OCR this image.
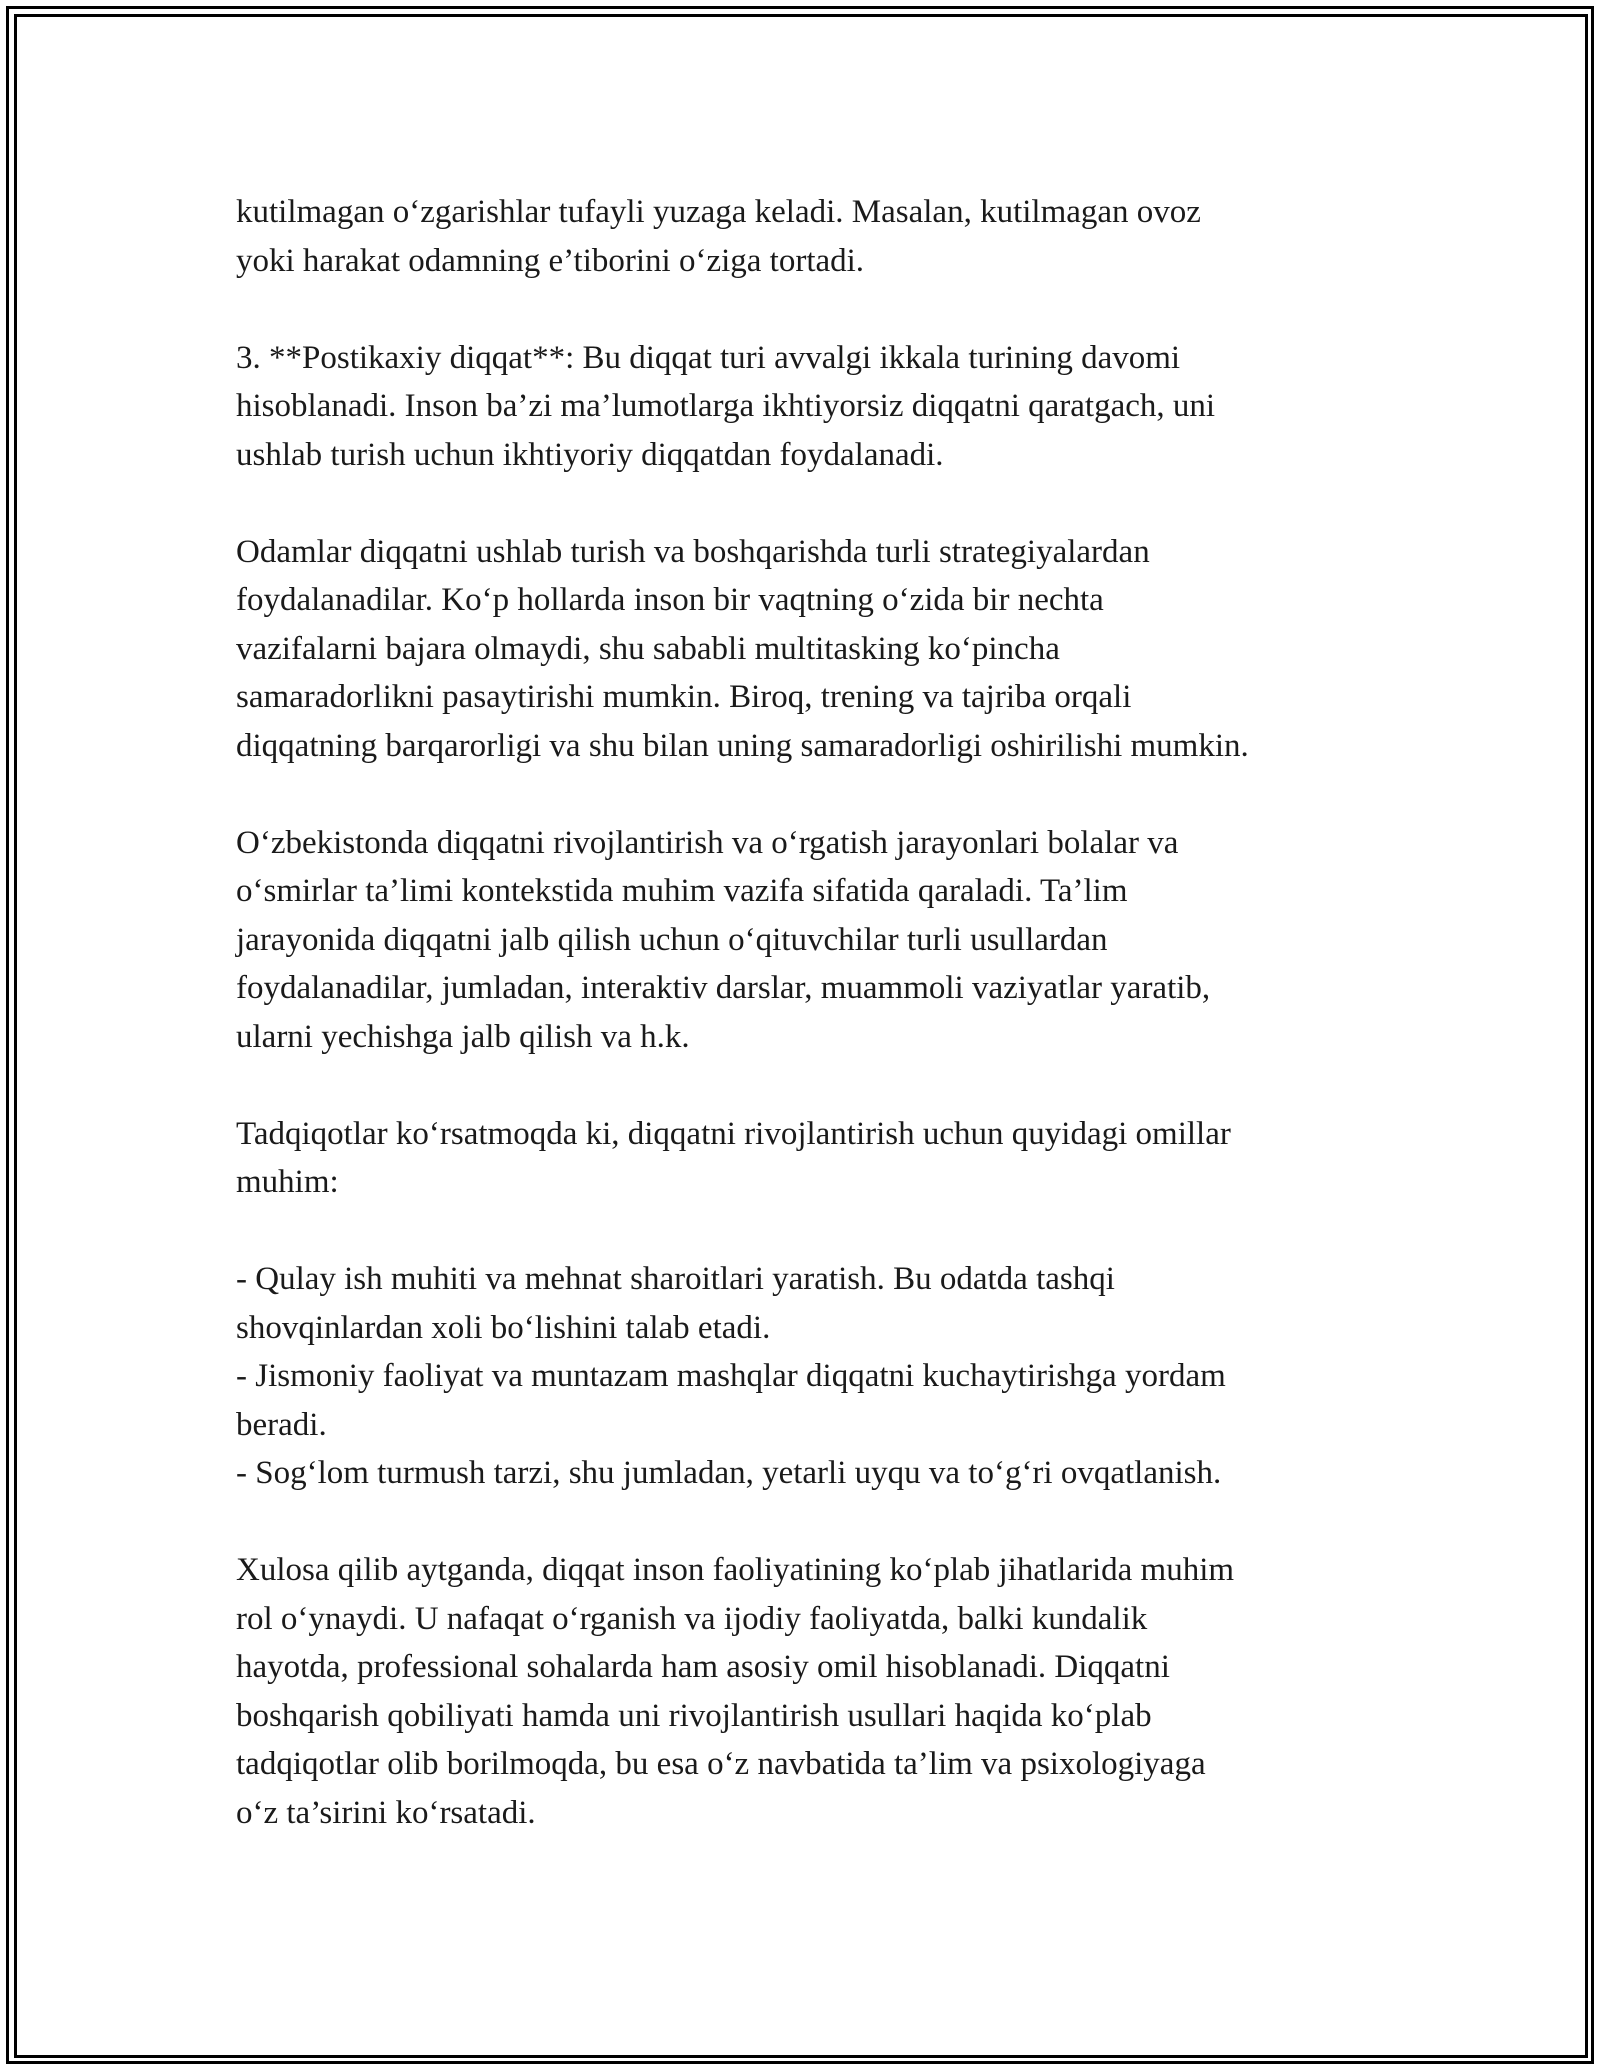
kutilmagan o‘zgarishlar tufayli yuzaga keladi. Masalan, kutilmagan ovoz
yoki harakat odamning e’tiborini o‘ziga tortadi.
3. **Postikaxiy diqqat**: Bu diqqat turi avvalgi ikkala turining davomi
hisoblanadi. Inson ba’zi ma’lumotlarga ikhtiyorsiz diqqatni qaratgach, uni
ushlab turish uchun ikhtiyoriy diqqatdan foydalanadi.
Odamlar diqqatni ushlab turish va boshqarishda turli strategiyalardan
foydalanadilar. Ko‘p hollarda inson bir vaqtning o‘zida bir nechta
vazifalarni bajara olmaydi, shu sababli multitasking ko‘pincha
samaradorlikni pasaytirishi mumkin. Biroq, trening va tajriba orqali
diqqatning barqarorligi va shu bilan uning samaradorligi oshirilishi mumkin.
O‘zbekistonda diqqatni rivojlantirish va o‘rgatish jarayonlari bolalar va
o‘smirlar ta’limi kontekstida muhim vazifa sifatida qaraladi. Ta’lim
jarayonida diqqatni jalb qilish uchun o‘qituvchilar turli usullardan
foydalanadilar, jumladan, interaktiv darslar, muammoli vaziyatlar yaratib,
ularni yechishga jalb qilish va h.k.
Tadqiqotlar ko‘rsatmoqda ki, diqqatni rivojlantirish uchun quyidagi omillar
muhim:
- Qulay ish muhiti va mehnat sharoitlari yaratish. Bu odatda tashqi
shovqinlardan xoli bo‘lishini talab etadi.
- Jismoniy faoliyat va muntazam mashqlar diqqatni kuchaytirishga yordam
beradi.
- Sog‘lom turmush tarzi, shu jumladan, yetarli uyqu va to‘g‘ri ovqatlanish.
Xulosa qilib aytganda, diqqat inson faoliyatining ko‘plab jihatlarida muhim
rol o‘ynaydi. U nafaqat o‘rganish va ijodiy faoliyatda, balki kundalik
hayotda, professional sohalarda ham asosiy omil hisoblanadi. Diqqatni
boshqarish qobiliyati hamda uni rivojlantirish usullari haqida ko‘plab
tadqiqotlar olib borilmoqda, bu esa o‘z navbatida ta’lim va psixologiyaga
o‘z ta’sirini ko‘rsatadi.
